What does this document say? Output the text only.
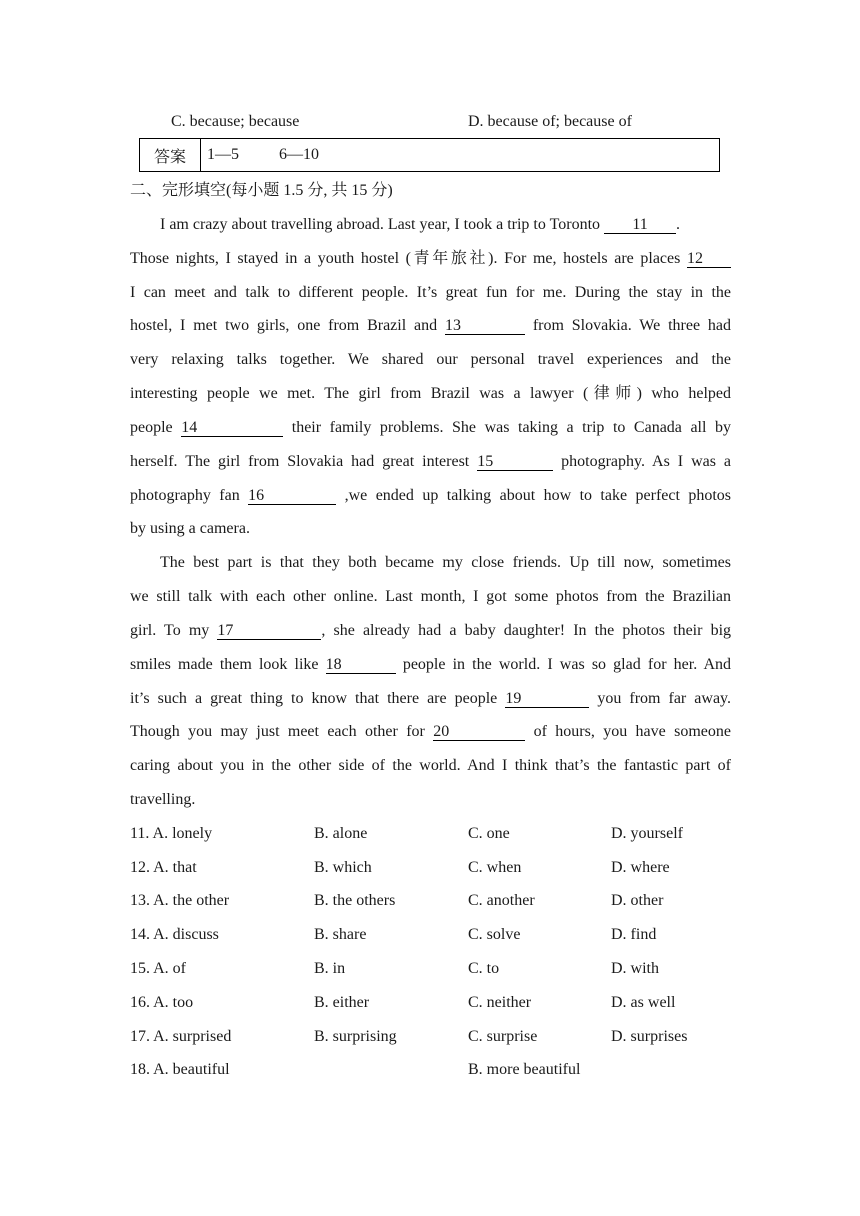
C. because; because	D. because of; because of
答案	1—5          6—10
二、完形填空(每小题 1.5 分, 共 15 分)
I am crazy about travelling abroad. Last year, I took a trip to Toronto 11 .
Those nights, I stayed in a youth hostel (青年旅社). For me, hostels are places 12
I can meet and talk to different people. It’s great fun for me. During the stay in the
hostel, I met two girls, one from Brazil and 13	from Slovakia. We three had
very relaxing talks together. We shared our personal travel experiences and the
interesting people we met. The girl from Brazil was a lawyer (律师) who helped
people 14	their family problems. She was taking a trip to Canada all by
herself. The girl from Slovakia had great interest 15	photography. As I was a
photography fan 16	,we ended up talking about how to take perfect photos
by using a camera.
The best part is that they both became my close friends. Up till now, sometimes
we still talk with each other online. Last month, I got some photos from the Brazilian
girl. To my 17	, she already had a baby daughter! In the photos their big
smiles made them look like 18	people in the world. I was so glad for her. And
it’s such a great thing to know that there are people 19	you from far away.
Though you may just meet each other for 20	of hours, you have someone
caring about you in the other side of the world. And I think that’s the fantastic part of
travelling.
11. A. lonely	B. alone	C. one	D. yourself
12. A. that	B. which	C. when	D. where
13. A. the other	B. the others	C. another	D. other
14. A. discuss	B. share	C. solve	D. find
15. A. of	B. in	C. to	D. with
16. A. too	B. either	C. neither	D. as well
17. A. surprised	B. surprising	C. surprise	D. surprises
18. A. beautiful	B. more beautiful
